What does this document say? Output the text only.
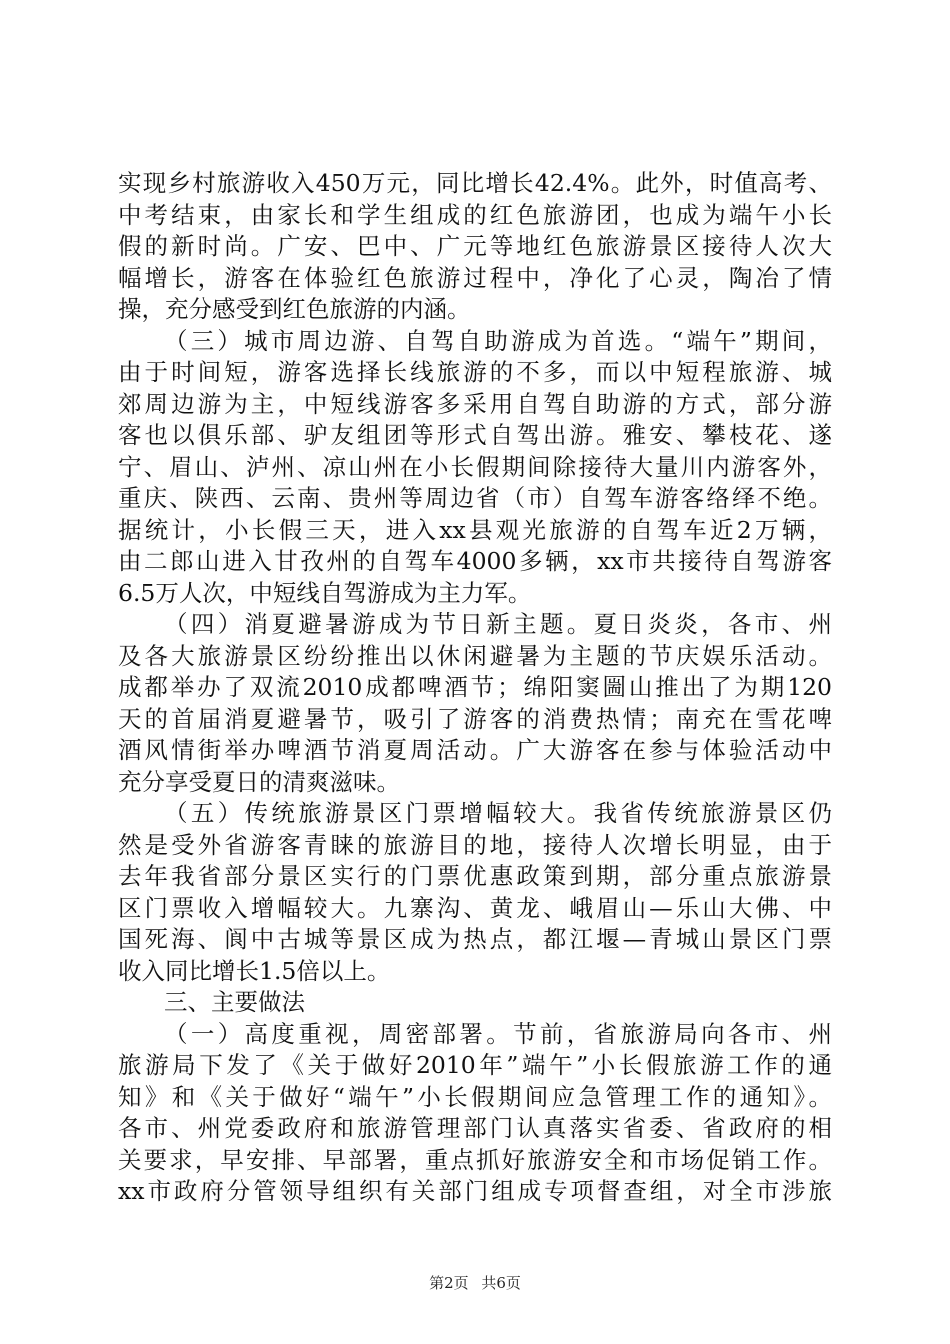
实现乡村旅游收入450万元，同比增长42.4%。此外，时值高考、
中考结束，由家长和学生组成的红色旅游团，也成为端午小长
假的新时尚。广安、巴中、广元等地红色旅游景区接待人次大
幅增长，游客在体验红色旅游过程中，净化了心灵，陶冶了情
操，充分感受到红色旅游的内涵。
（三）城市周边游、自驾自助游成为首选。“端午”期间，
由于时间短，游客选择长线旅游的不多，而以中短程旅游、城
郊周边游为主，中短线游客多采用自驾自助游的方式，部分游
客也以俱乐部、驴友组团等形式自驾出游。雅安、攀枝花、遂
宁、眉山、泸州、凉山州在小长假期间除接待大量川内游客外，
重庆、陕西、云南、贵州等周边省（市）自驾车游客络绎不绝。
据统计，小长假三天，进入xx县观光旅游的自驾车近2万辆，
由二郎山进入甘孜州的自驾车4000多辆，xx市共接待自驾游客
6.5万人次，中短线自驾游成为主力军。
（四）消夏避暑游成为节日新主题。夏日炎炎，各市、州
及各大旅游景区纷纷推出以休闲避暑为主题的节庆娱乐活动。
成都举办了双流2010成都啤酒节；绵阳窦圌山推出了为期120
天的首届消夏避暑节，吸引了游客的消费热情；南充在雪花啤
酒风情街举办啤酒节消夏周活动。广大游客在参与体验活动中
充分享受夏日的清爽滋味。
（五）传统旅游景区门票增幅较大。我省传统旅游景区仍
然是受外省游客青睐的旅游目的地，接待人次增长明显，由于
去年我省部分景区实行的门票优惠政策到期，部分重点旅游景
区门票收入增幅较大。九寨沟、黄龙、峨眉山—乐山大佛、中
国死海、阆中古城等景区成为热点，都江堰—青城山景区门票
收入同比增长1.5倍以上。
三、主要做法
（一）高度重视，周密部署。节前，省旅游局向各市、州
旅游局下发了《关于做好2010年”端午”小长假旅游工作的通
知》和《关于做好“端午”小长假期间应急管理工作的通知》。
各市、州党委政府和旅游管理部门认真落实省委、省政府的相
关要求，早安排、早部署，重点抓好旅游安全和市场促销工作。
xx市政府分管领导组织有关部门组成专项督查组，对全市涉旅
第2页 共6页
